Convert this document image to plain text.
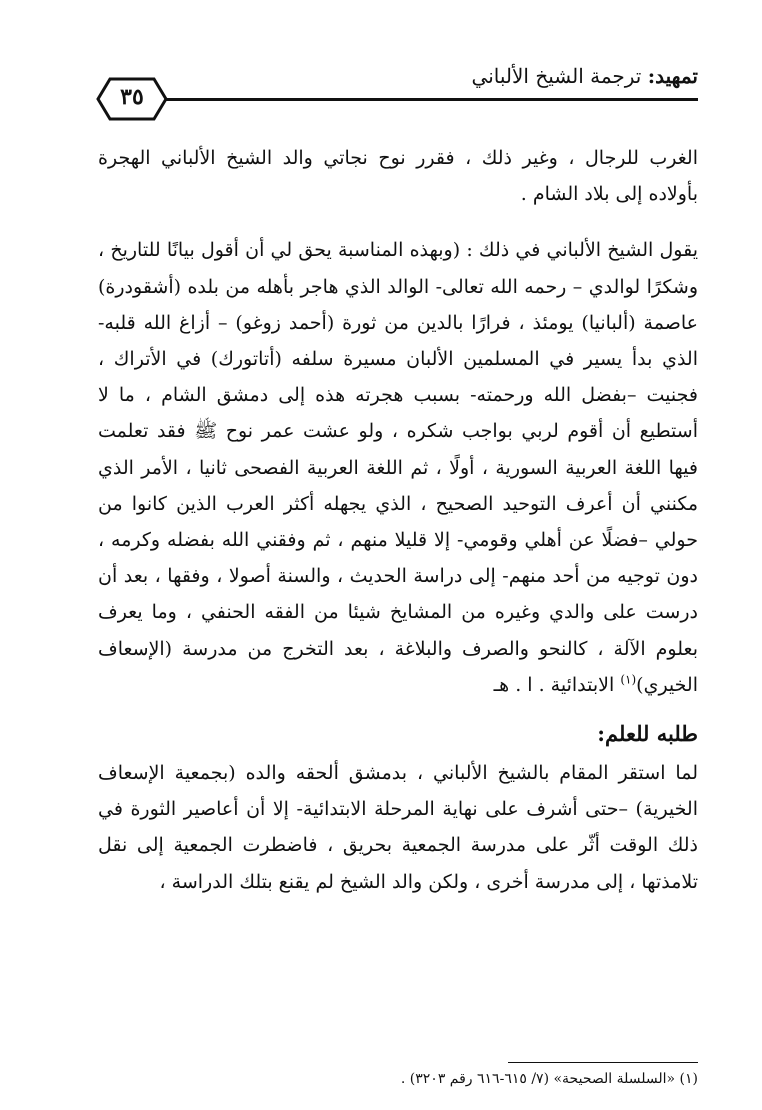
تمهيد: ترجمة الشيخ الألباني
٣٥

الغرب للرجال ، وغير ذلك ، فقرر نوح نجاتي والد الشيخ الألباني الهجرة بأولاده إلى بلاد الشام .

يقول الشيخ الألباني في ذلك : (وبهذه المناسبة يحق لي أن أقول بيانًا للتاريخ ، وشكرًا لوالدي – رحمه الله تعالى- الوالد الذي هاجر بأهله من بلده (أشقودرة) عاصمة (ألبانيا) يومئذ ، فرارًا بالدين من ثورة (أحمد زوغو) – أزاغ الله قلبه- الذي بدأ يسير في المسلمين الألبان مسيرة سلفه (أتاتورك) في الأتراك ، فجنيت –بفضل الله ورحمته- بسبب هجرته هذه إلى دمشق الشام ، ما لا أستطيع أن أقوم لربي بواجب شكره ، ولو عشت عمر نوح ﷺ فقد تعلمت فيها اللغة العربية السورية ، أولًا ، ثم اللغة العربية الفصحى ثانيا ، الأمر الذي مكنني أن أعرف التوحيد الصحيح ، الذي يجهله أكثر العرب الذين كانوا من حولي –فضلًا عن أهلي وقومي- إلا قليلا منهم ، ثم وفقني الله بفضله وكرمه ، دون توجيه من أحد منهم- إلى دراسة الحديث ، والسنة أصولا ، وفقها ، بعد أن درست على والدي وغيره من المشايخ شيئا من الفقه الحنفي ، وما يعرف بعلوم الآلة ، كالنحو والصرف والبلاغة ، بعد التخرج من مدرسة (الإسعاف الخيري)$^{(١)}$ الابتدائية . ا . هـ

طلبه للعلم:

لما استقر المقام بالشيخ الألباني ، بدمشق ألحقه والده (بجمعية الإسعاف الخيرية) –حتى أشرف على نهاية المرحلة الابتدائية- إلا أن أعاصير الثورة في ذلك الوقت أثّر على مدرسة الجمعية بحريق ، فاضطرت الجمعية إلى نقل تلامذتها ، إلى مدرسة أخرى ، ولكن والد الشيخ لم يقنع بتلك الدراسة ،

(١) «السلسلة الصحيحة» (٧/ ٦١٥-٦١٦ رقم ٣٢٠٣) .
